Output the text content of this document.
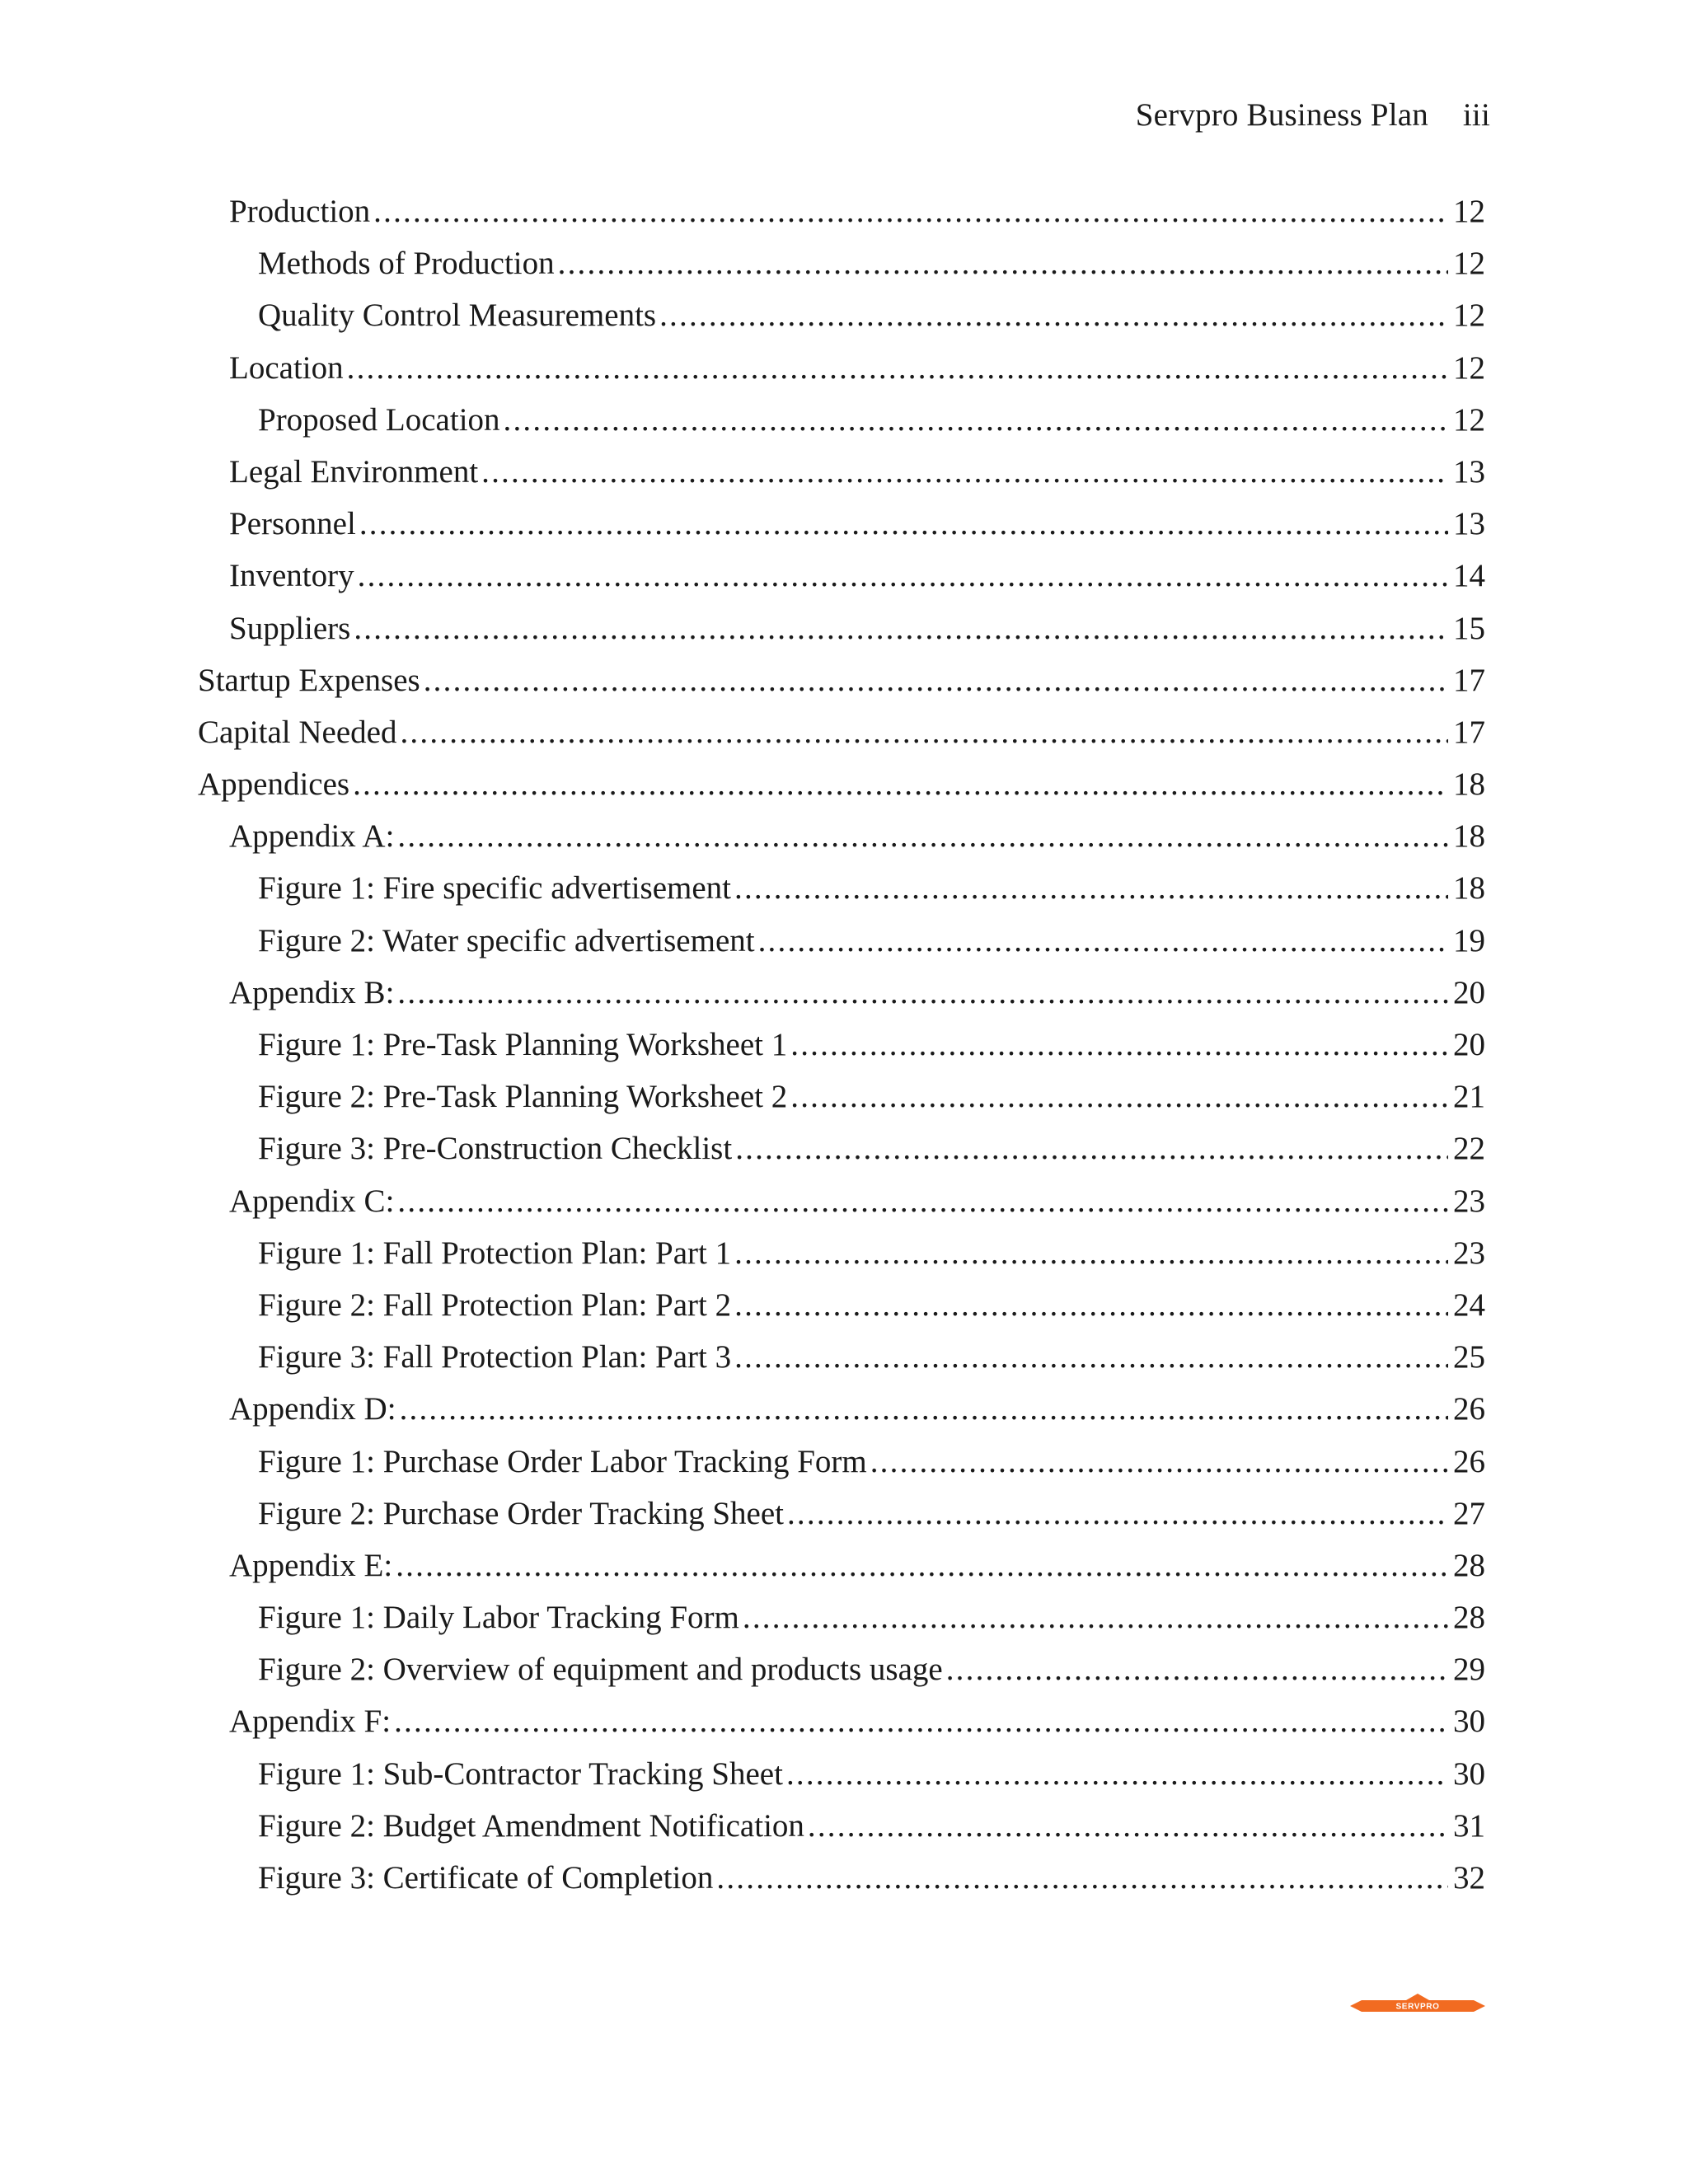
Servpro Business Plan iii
Production .....	12
Methods of Production .....	12
Quality Control Measurements .....	12
Location .....	12
Proposed Location .....	12
Legal Environment .....	13
Personnel .....	13
Inventory .....	14
Suppliers .....	15
Startup Expenses .....	17
Capital Needed .....	17
Appendices .....	18
Appendix A: .....	18
Figure 1: Fire specific advertisement .....	18
Figure 2: Water specific advertisement .....	19
Appendix B: .....	20
Figure 1: Pre-Task Planning Worksheet 1 .....	20
Figure 2: Pre-Task Planning Worksheet 2 .....	21
Figure 3: Pre-Construction Checklist .....	22
Appendix C: .....	23
Figure 1: Fall Protection Plan: Part 1 .....	23
Figure 2: Fall Protection Plan: Part 2 .....	24
Figure 3: Fall Protection Plan: Part 3 .....	25
Appendix D: .....	26
Figure 1: Purchase Order Labor Tracking Form .....	26
Figure 2: Purchase Order Tracking Sheet .....	27
Appendix E: .....	28
Figure 1: Daily Labor Tracking Form .....	28
Figure 2: Overview of equipment and products usage .....	29
Appendix F: .....	30
Figure 1: Sub-Contractor Tracking Sheet .....	30
Figure 2: Budget Amendment Notification .....	31
Figure 3: Certificate of Completion .....	32
SERVPRO
